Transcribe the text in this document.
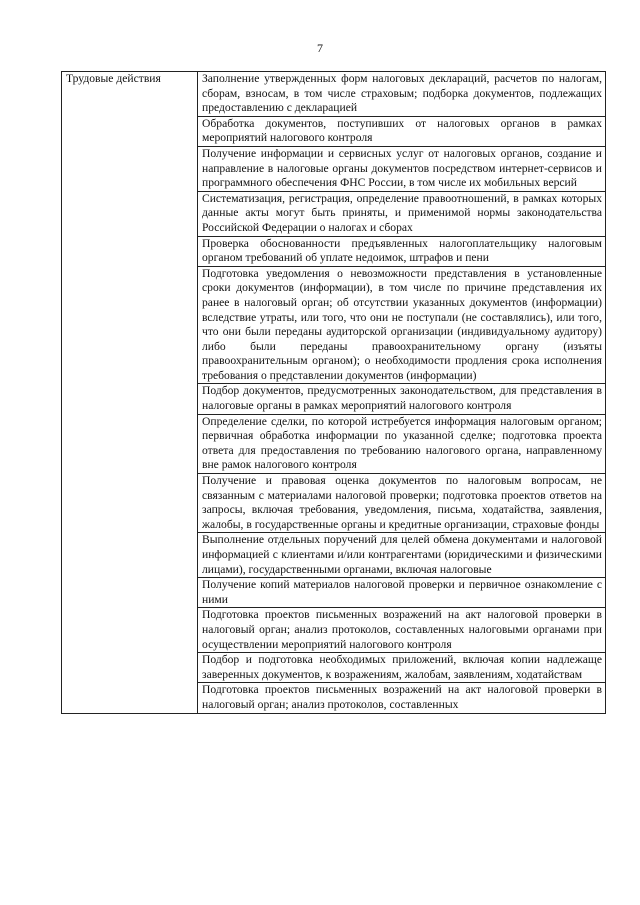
7
Трудовые действия	Заполнение утвержденных форм налоговых деклараций, расчетов по налогам, сборам, взносам, в том числе страховым; подборка документов, подлежащих предоставлению с декларацией
Обработка документов, поступивших от налоговых органов в рамках мероприятий налогового контроля
Получение информации и сервисных услуг от налоговых органов, создание и направление в налоговые органы документов посредством интернет-сервисов и программного обеспечения ФНС России, в том числе их мобильных версий
Систематизация, регистрация, определение правоотношений, в рамках которых данные акты могут быть приняты, и применимой нормы законодательства Российской Федерации о налогах и сборах
Проверка обоснованности предъявленных налогоплательщику налоговым органом требований об уплате недоимок, штрафов и пени
Подготовка уведомления о невозможности представления в установленные сроки документов (информации), в том числе по причине представления их ранее в налоговый орган; об отсутствии указанных документов (информации) вследствие утраты, или того, что они не поступали (не составлялись), или того, что они были переданы аудиторской организации (индивидуальному аудитору) либо были переданы правоохранительному органу (изъяты правоохранительным органом); о необходимости продления срока исполнения требования о представлении документов (информации)
Подбор документов, предусмотренных законодательством, для представления в налоговые органы в рамках мероприятий налогового контроля
Определение сделки, по которой истребуется информация налоговым органом; первичная обработка информации по указанной сделке; подготовка проекта ответа для предоставления по требованию налогового органа, направленному вне рамок налогового контроля
Получение и правовая оценка документов по налоговым вопросам, не связанным с материалами налоговой проверки; подготовка проектов ответов на запросы, включая требования, уведомления, письма, ходатайства, заявления, жалобы, в государственные органы и кредитные организации, страховые фонды
Выполнение отдельных поручений для целей обмена документами и налоговой информацией с клиентами и/или контрагентами (юридическими и физическими лицами), государственными органами, включая налоговые
Получение копий материалов налоговой проверки и первичное ознакомление с ними
Подготовка проектов письменных возражений на акт налоговой проверки в налоговый орган; анализ протоколов, составленных налоговыми органами при осуществлении мероприятий налогового контроля
Подбор и подготовка необходимых приложений, включая копии надлежаще заверенных документов, к возражениям, жалобам, заявлениям, ходатайствам
Подготовка проектов письменных возражений на акт налоговой проверки в налоговый орган; анализ протоколов, составленных
